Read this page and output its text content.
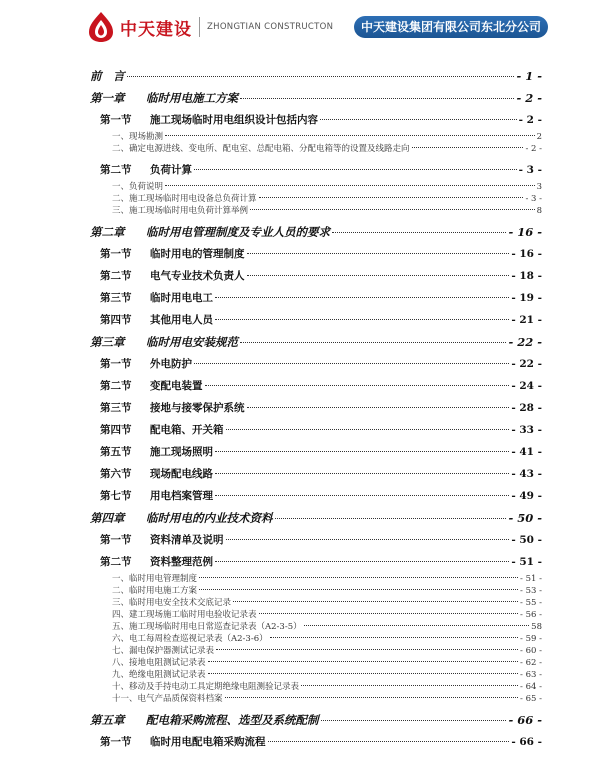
中天建设 ZHONGTIAN CONSTRUCTON	中天建设集团有限公司东北分公司
前　言	- 1 -
第一章 临时用电施工方案	- 2 -
第一节 施工现场临时用电组织设计包括内容	- 2 -
一、现场勘测	2
二、确定电源进线、变电所、配电室、总配电箱、分配电箱等的设置及线路走向	- 2 -
第二节 负荷计算	- 3 -
一、负荷说明	3
二、施工现场临时用电设备总负荷计算	- 3 -
三、施工现场临时用电负荷计算举例	8
第二章 临时用电管理制度及专业人员的要求	- 16 -
第一节 临时用电的管理制度	- 16 -
第二节 电气专业技术负责人	- 18 -
第三节 临时用电电工	- 19 -
第四节 其他用电人员	- 21 -
第三章 临时用电安装规范	- 22 -
第一节 外电防护	- 22 -
第二节 变配电装置	- 24 -
第三节 接地与接零保护系统	- 28 -
第四节 配电箱、开关箱	- 33 -
第五节 施工现场照明	- 41 -
第六节 现场配电线路	- 43 -
第七节 用电档案管理	- 49 -
第四章 临时用电的内业技术资料	- 50 -
第一节 资料清单及说明	- 50 -
第二节 资料整理范例	- 51 -
一、临时用电管理制度	- 51 -
二、临时用电施工方案	- 53 -
三、临时用电安全技术交底记录	- 55 -
四、建工现场施工临时用电验收记录表	- 56 -
五、施工现场临时用电日常巡查记录表（A2-3-5）	58
六、电工每周检查巡视记录表（A2-3-6）	- 59 -
七、漏电保护器测试记录表	- 60 -
八、接地电阻测试记录表	- 62 -
九、绝缘电阻测试记录表	- 63 -
十、移动及手持电动工具定期绝缘电阻测验记录表	- 64 -
十一、电气产品质保资料档案	- 65 -
第五章 配电箱采购流程、选型及系统配制	- 66 -
第一节 临时用电配电箱采购流程	- 66 -
